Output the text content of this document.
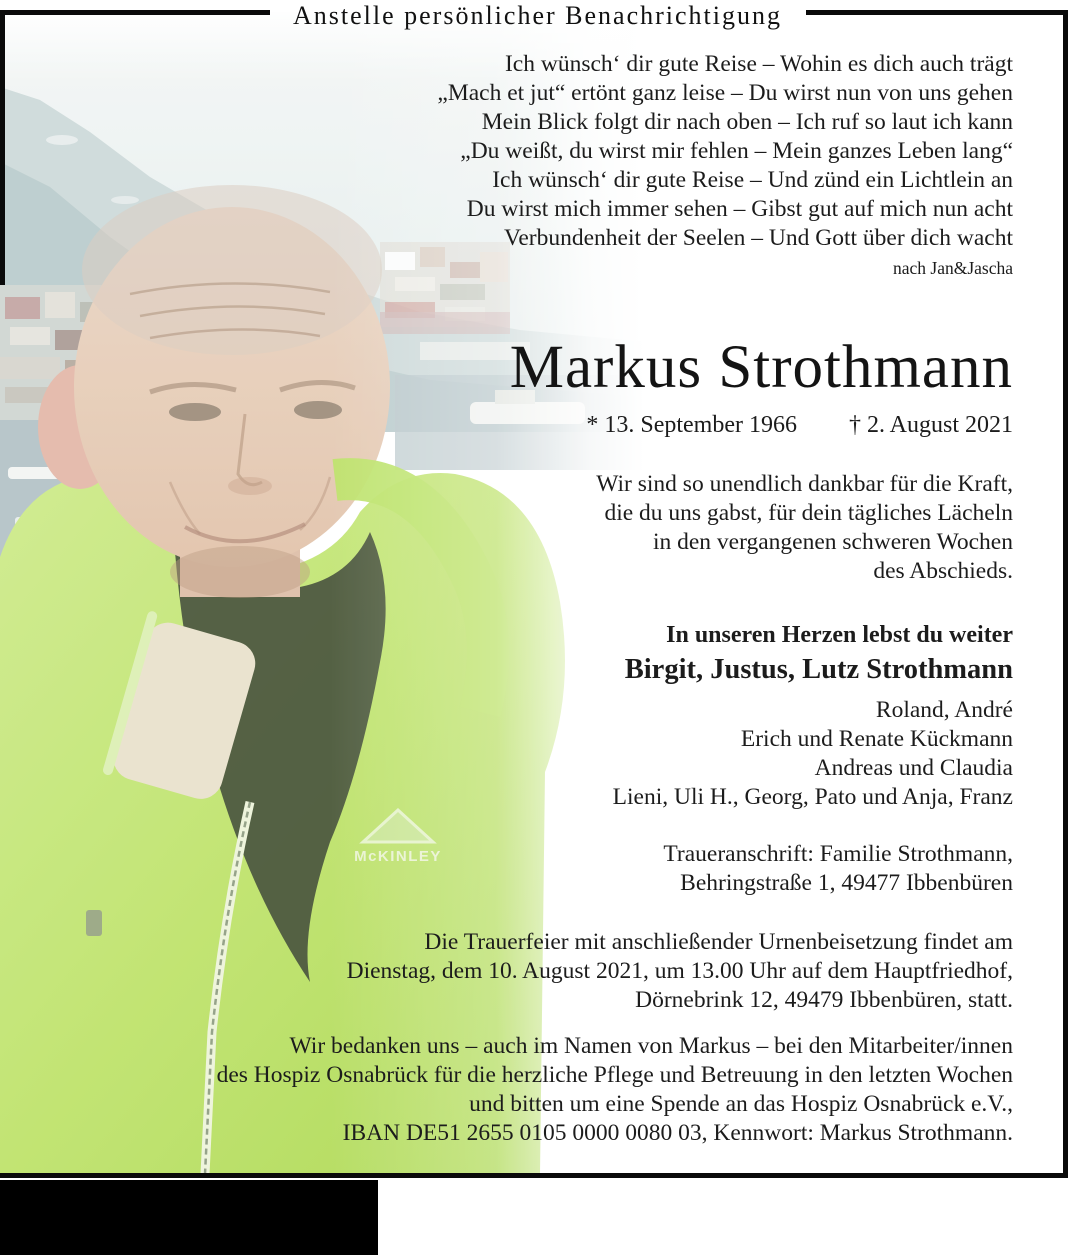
Anstelle persönlicher Benachrichtigung
Ich wünsch‘ dir gute Reise – Wohin es dich auch trägt
„Mach et jut“ ertönt ganz leise – Du wirst nun von uns gehen
Mein Blick folgt dir nach oben – Ich ruf so laut ich kann
„Du weißt, du wirst mir fehlen – Mein ganzes Leben lang“
Ich wünsch‘ dir gute Reise – Und zünd ein Lichtlein an
Du wirst mich immer sehen – Gibst gut auf mich nun acht
Verbundenheit der Seelen – Und Gott über dich wacht
nach Jan&Jascha
Markus Strothmann
* 13. September 1966 † 2. August 2021
Wir sind so unendlich dankbar für die Kraft,
die du uns gabst, für dein tägliches Lächeln
in den vergangenen schweren Wochen
des Abschieds.
In unseren Herzen lebst du weiter
Birgit, Justus, Lutz Strothmann
Roland, André
Erich und Renate Kückmann
Andreas und Claudia
Lieni, Uli H., Georg, Pato und Anja, Franz
Traueranschrift: Familie Strothmann,
Behringstraße 1, 49477 Ibbenbüren
Die Trauerfeier mit anschließender Urnenbeisetzung findet am
Dienstag, dem 10. August 2021, um 13.00 Uhr auf dem Hauptfriedhof,
Dörnebrink 12, 49479 Ibbenbüren, statt.
Wir bedanken uns – auch im Namen von Markus – bei den Mitarbeiter/innen
des Hospiz Osnabrück für die herzliche Pflege und Betreuung in den letzten Wochen
und bitten um eine Spende an das Hospiz Osnabrück e.V.,
IBAN DE51 2655 0105 0000 0080 03, Kennwort: Markus Strothmann.
